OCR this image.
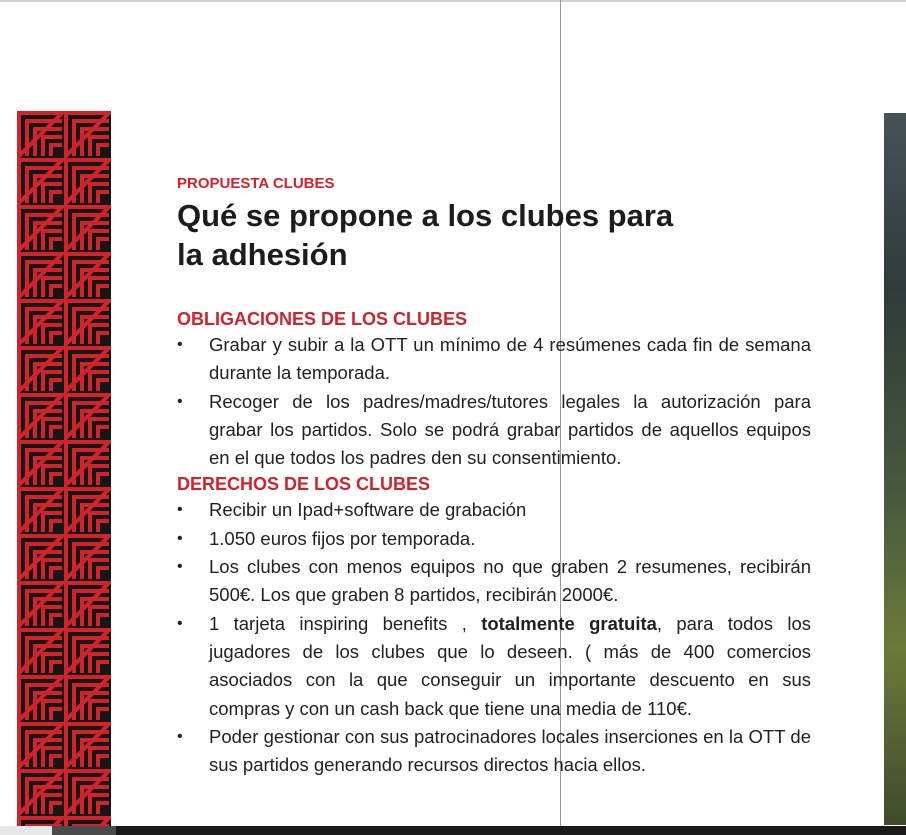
PROPUESTA CLUBES

Qué se propone a los clubes para la adhesión

OBLIGACIONES DE LOS CLUBES

• Grabar y subir a la OTT un mínimo de 4 resúmenes cada fin de semana durante la temporada.
• Recoger de los padres/madres/tutores legales la autorización para grabar los partidos. Solo se podrá grabar partidos de aquellos equipos en el que todos los padres den su consentimiento.

DERECHOS DE LOS CLUBES

• Recibir un Ipad+software de grabación
• 1.050 euros fijos por temporada.
• Los clubes con menos equipos no que graben 2 resumenes, recibirán 500€. Los que graben 8 partidos, recibirán 2000€.
• 1 tarjeta inspiring benefits , totalmente gratuita, para todos los jugadores de los clubes que lo deseen. ( más de 400 comercios asociados con la que conseguir un importante descuento en sus compras y con un cash back que tiene una media de 110€.
• Poder gestionar con sus patrocinadores locales inserciones en la OTT de sus partidos generando recursos directos hacia ellos.
